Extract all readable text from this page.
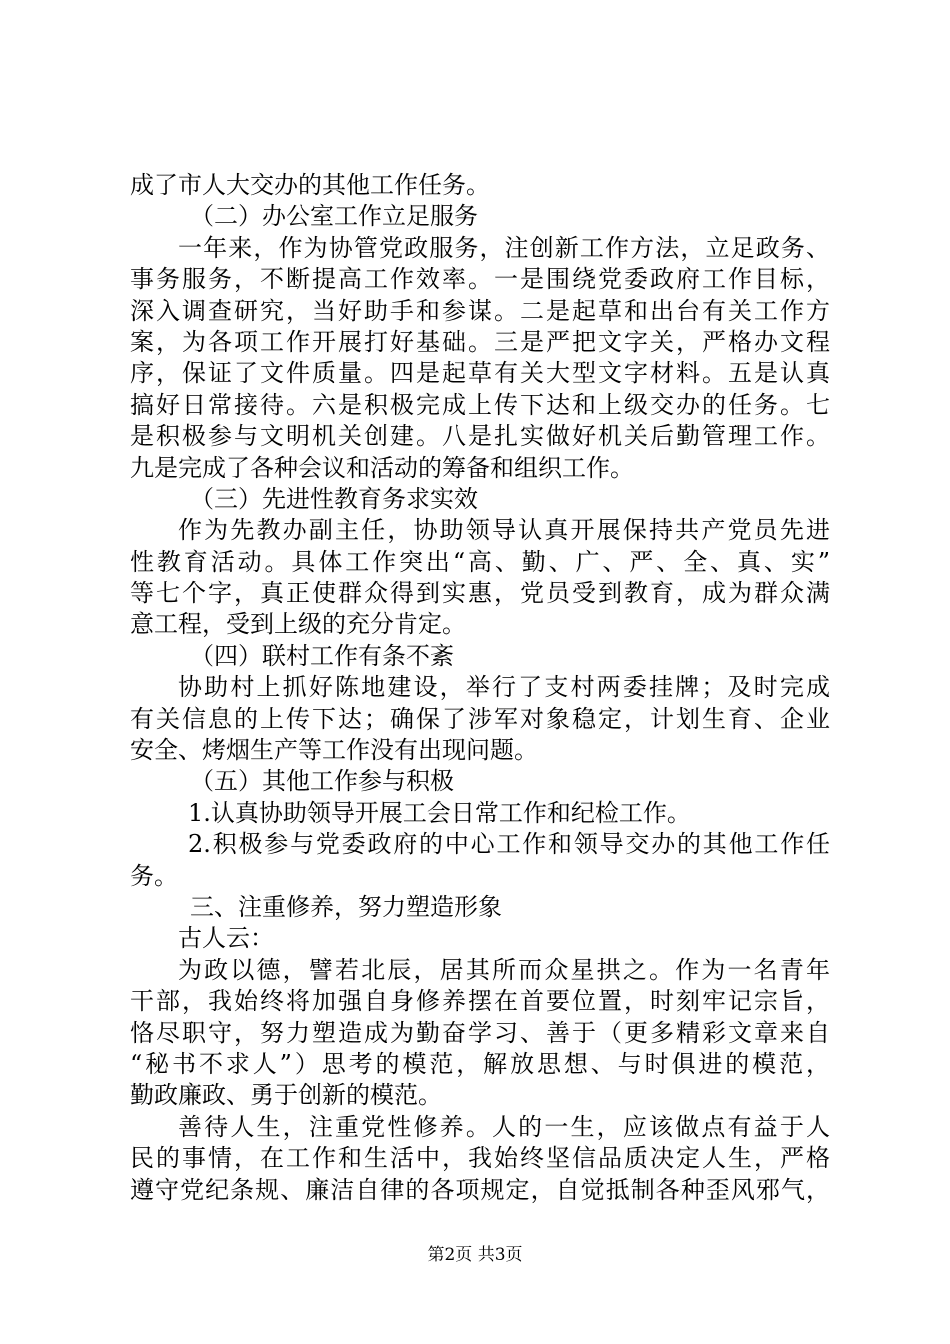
成了市人大交办的其他工作任务。
（二）办公室工作立足服务
一年来，作为协管党政服务，注创新工作方法，立足政务、
事务服务，不断提高工作效率。一是围绕党委政府工作目标，
深入调查研究，当好助手和参谋。二是起草和出台有关工作方
案，为各项工作开展打好基础。三是严把文字关，严格办文程
序，保证了文件质量。四是起草有关大型文字材料。五是认真
搞好日常接待。六是积极完成上传下达和上级交办的任务。七
是积极参与文明机关创建。八是扎实做好机关后勤管理工作。
九是完成了各种会议和活动的筹备和组织工作。
（三）先进性教育务求实效
作为先教办副主任，协助领导认真开展保持共产党员先进
性教育活动。具体工作突出“高、勤、广、严、全、真、实”
等七个字，真正使群众得到实惠，党员受到教育，成为群众满
意工程，受到上级的充分肯定。
（四）联村工作有条不紊
协助村上抓好陈地建设，举行了支村两委挂牌；及时完成
有关信息的上传下达；确保了涉军对象稳定，计划生育、企业
安全、烤烟生产等工作没有出现问题。
（五）其他工作参与积极
1.认真协助领导开展工会日常工作和纪检工作。
2.积极参与党委政府的中心工作和领导交办的其他工作任
务。
三、注重修养，努力塑造形象
古人云：
为政以德，譬若北辰，居其所而众星拱之。作为一名青年
干部，我始终将加强自身修养摆在首要位置，时刻牢记宗旨，
恪尽职守，努力塑造成为勤奋学习、善于（更多精彩文章来自
“秘书不求人”）思考的模范，解放思想、与时俱进的模范，
勤政廉政、勇于创新的模范。
善待人生，注重党性修养。人的一生，应该做点有益于人
民的事情，在工作和生活中，我始终坚信品质决定人生，严格
遵守党纪条规、廉洁自律的各项规定，自觉抵制各种歪风邪气，
第2页 共3页
